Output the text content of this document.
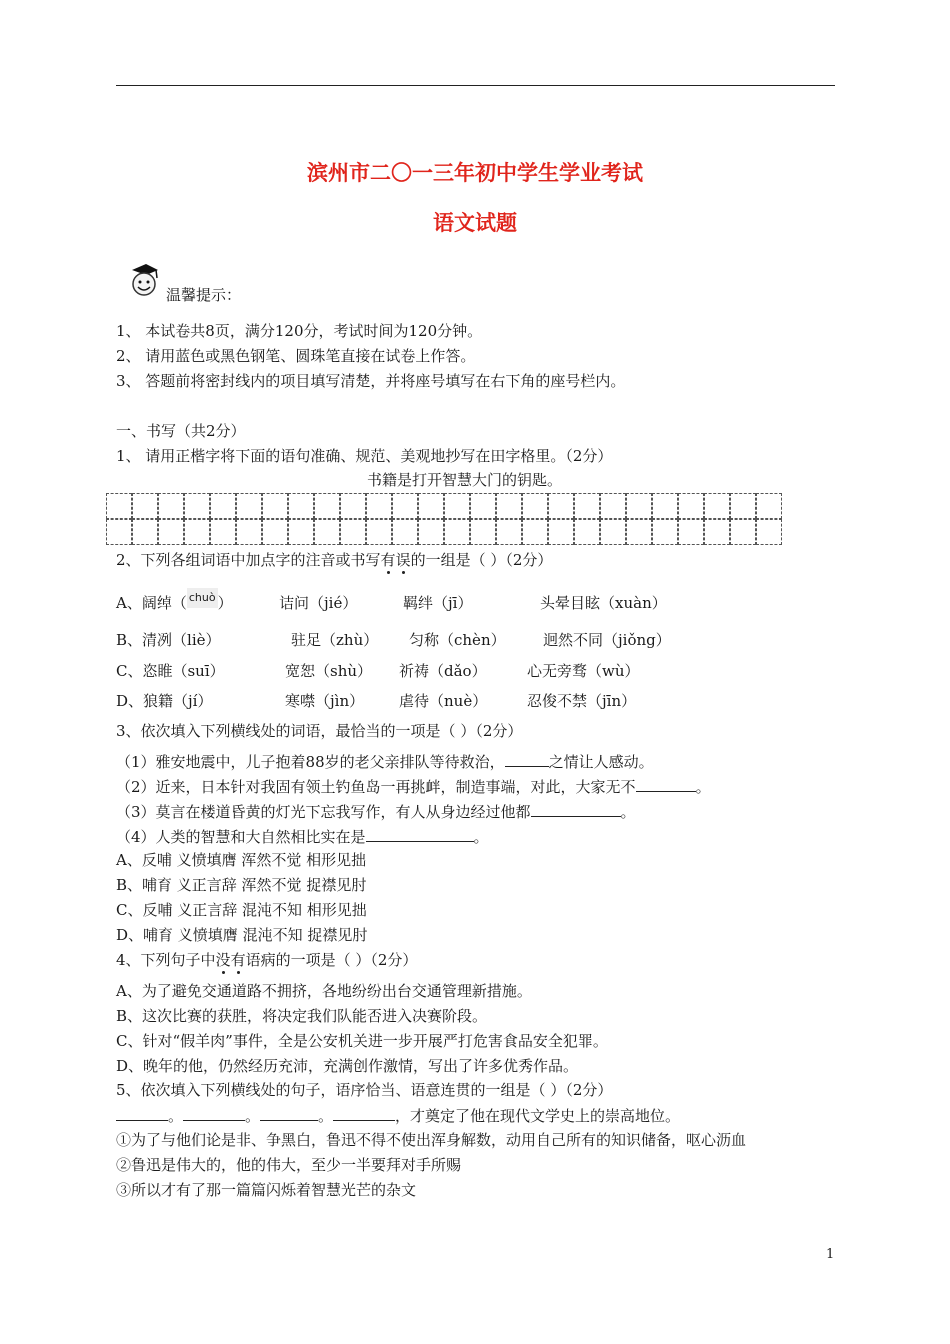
滨州市二〇一三年初中学生学业考试
语文试题
温馨提示：
1、 本试卷共8页，满分120分，考试时间为120分钟。
2、 请用蓝色或黑色钢笔、圆珠笔直接在试卷上作答。
3、 答题前将密封线内的项目填写清楚，并将座号填写在右下角的座号栏内。
一、书写（共2分）
1、 请用正楷字将下面的语句准确、规范、美观地抄写在田字格里。（2分）
书籍是打开智慧大门的钥匙。
2、下列各组词语中加点字的注音或书写有误的一组是（ ）（2分）
A、阔绰（ chuò ）	诘问（jié）	羁绊（jī）	头晕目眩（xuàn）
B、清冽（liè）	驻足（zhù） 匀称（chèn） 迥然不同（jiǒng）
C、恣睢（suī）	宽恕（shù） 祈祷（dǎo）	心无旁骛（wù）
D、狼籍（jí）	寒噤（jìn） 虐待（nuè）	忍俊不禁（jīn）
3、依次填入下列横线处的词语，最恰当的一项是（ ）（2分）
（1）雅安地震中，儿子抱着88岁的老父亲排队等待救治，	之情让人感动。
（2）近来，日本针对我固有领土钓鱼岛一再挑衅，制造事端，对此，大家无不	。
（3）莫言在楼道昏黄的灯光下忘我写作，有人从身边经过他都	。
（4）人类的智慧和大自然相比实在是	。
A、反哺 义愤填膺 浑然不觉 相形见拙
B、哺育 义正言辞 浑然不觉 捉襟见肘
C、反哺 义正言辞 混沌不知 相形见拙
D、哺育 义愤填膺 混沌不知 捉襟见肘
4、下列句子中没有语病的一项是（ ）（2分）
A、为了避免交通道路不拥挤，各地纷纷出台交通管理新措施。
B、这次比赛的获胜，将决定我们队能否进入决赛阶段。
C、针对“假羊肉”事件，全是公安机关进一步开展严打危害食品安全犯罪。
D、晚年的他，仍然经历充沛，充满创作激情，写出了许多优秀作品。
5、依次填入下列横线处的句子，语序恰当、语意连贯的一组是（ ）（2分）
。	。	。	，才奠定了他在现代文学史上的崇高地位。
①为了与他们论是非、争黑白，鲁迅不得不使出浑身解数，动用自己所有的知识储备，呕心沥血
②鲁迅是伟大的，他的伟大，至少一半要拜对手所赐
③所以才有了那一篇篇闪烁着智慧光芒的杂文
1
